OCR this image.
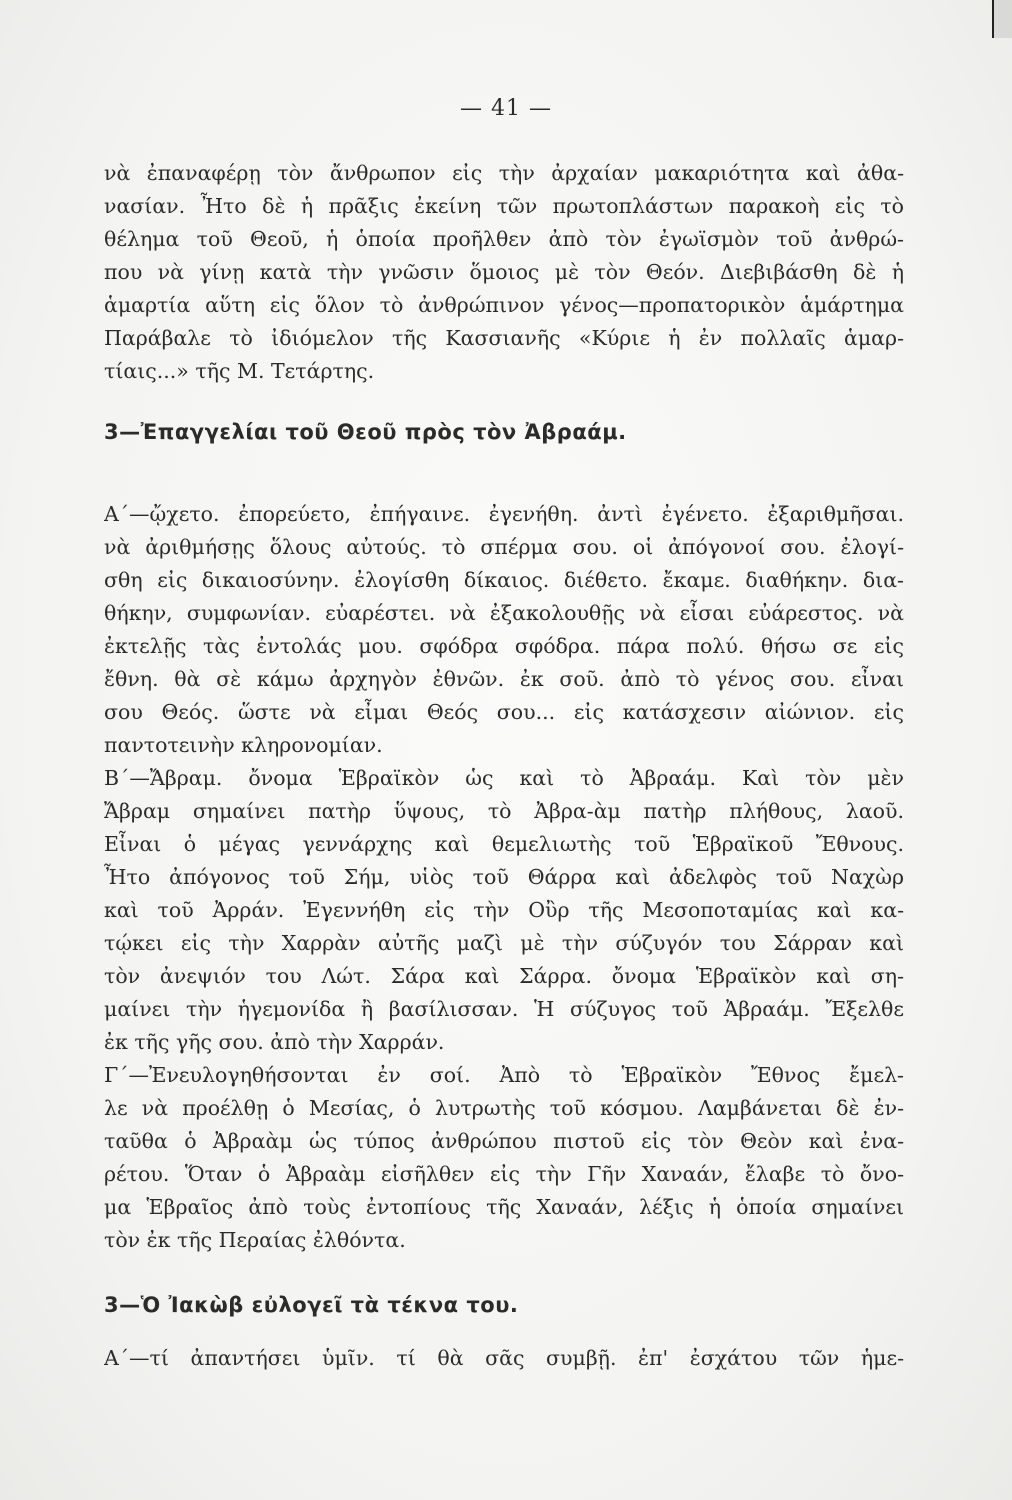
— 41 —
νὰ ἐπαναφέρῃ τὸν ἄνθρωπον εἰς τὴν ἀρχαίαν μακαριότητα καὶ ἀθα-
νασίαν. Ἦτο δὲ ἡ πρᾶξις ἐκείνη τῶν πρωτοπλάστων παρακοὴ εἰς τὸ
θέλημα τοῦ Θεοῦ, ἡ ὁποία προῆλθεν ἀπὸ τὸν ἐγωϊσμὸν τοῦ ἀνθρώ-
που νὰ γίνῃ κατὰ τὴν γνῶσιν ὅμοιος μὲ τὸν Θεόν. Διεβιβάσθη δὲ ἡ
ἁμαρτία αὕτη εἰς ὅλον τὸ ἀνθρώπινον γένος—προπατορικὸν ἁμάρτημα
Παράβαλε τὸ ἰδιόμελον τῆς Κασσιανῆς «Κύριε ἡ ἐν πολλαῖς ἁμαρ-
τίαις...» τῆς Μ. Τετάρτης.
3—Ἐπαγγελίαι τοῦ Θεοῦ πρὸς τὸν Ἀβραάμ.
Α΄—ᾤχετο. ἐπορεύετο, ἐπήγαινε. ἐγενήθη. ἀντὶ ἐγένετο. ἐξαριθμῆσαι.
νὰ ἀριθμήσῃς ὅλους αὐτούς. τὸ σπέρμα σου. οἱ ἀπόγονοί σου. ἐλογί-
σθη εἰς δικαιοσύνην. ἐλογίσθη δίκαιος. διέθετο. ἔκαμε. διαθήκην. δια-
θήκην, συμφωνίαν. εὐαρέστει. νὰ ἐξακολουθῇς νὰ εἶσαι εὐάρεστος. νὰ
ἐκτελῇς τὰς ἐντολάς μου. σφόδρα σφόδρα. πάρα πολύ. θήσω σε εἰς
ἔθνη. θὰ σὲ κάμω ἀρχηγὸν ἐθνῶν. ἐκ σοῦ. ἀπὸ τὸ γένος σου. εἶναι
σου Θεός. ὥστε νὰ εἶμαι Θεός σου... εἰς κατάσχεσιν αἰώνιον. εἰς
παντοτεινὴν κληρονομίαν.
Β΄—Ἄβραμ. ὄνομα Ἑβραϊκὸν ὡς καὶ τὸ Ἀβραάμ. Καὶ τὸν μὲν
Ἄβραμ σημαίνει πατὴρ ὕψους, τὸ Ἀβρα-ὰμ πατὴρ πλήθους, λαοῦ.
Εἶναι ὁ μέγας γεννάρχης καὶ θεμελιωτὴς τοῦ Ἑβραϊκοῦ Ἔθνους.
Ἦτο ἀπόγονος τοῦ Σήμ, υἱὸς τοῦ Θάρρα καὶ ἀδελφὸς τοῦ Ναχὼρ
καὶ τοῦ Ἀρράν. Ἐγεννήθη εἰς τὴν Οὒρ τῆς Μεσοποταμίας καὶ κα-
τῴκει εἰς τὴν Χαρρὰν αὐτῆς μαζὶ μὲ τὴν σύζυγόν του Σάρραν καὶ
τὸν ἀνεψιόν του Λώτ. Σάρα καὶ Σάρρα. ὄνομα Ἑβραϊκὸν καὶ ση-
μαίνει τὴν ἡγεμονίδα ἢ βασίλισσαν. Ἡ σύζυγος τοῦ Ἀβραάμ. Ἔξελθε
ἐκ τῆς γῆς σου. ἀπὸ τὴν Χαρράν.
Γ΄—Ἐνευλογηθήσονται ἐν σοί. Ἀπὸ τὸ Ἑβραϊκὸν Ἔθνος ἔμελ-
λε νὰ προέλθῃ ὁ Μεσίας, ὁ λυτρωτὴς τοῦ κόσμου. Λαμβάνεται δὲ ἐν-
ταῦθα ὁ Ἀβραὰμ ὡς τύπος ἀνθρώπου πιστοῦ εἰς τὸν Θεὸν καὶ ἐνα-
ρέτου. Ὅταν ὁ Ἀβραὰμ εἰσῆλθεν εἰς τὴν Γῆν Χαναάν, ἔλαβε τὸ ὄνο-
μα Ἑβραῖος ἀπὸ τοὺς ἐντοπίους τῆς Χαναάν, λέξις ἡ ὁποία σημαίνει
τὸν ἐκ τῆς Περαίας ἐλθόντα.
3—Ὁ Ἰακὼβ εὐλογεῖ τὰ τέκνα του.
Α΄—τί ἀπαντήσει ὑμῖν. τί θὰ σᾶς συμβῇ. ἐπ' ἐσχάτου τῶν ἡμε-
